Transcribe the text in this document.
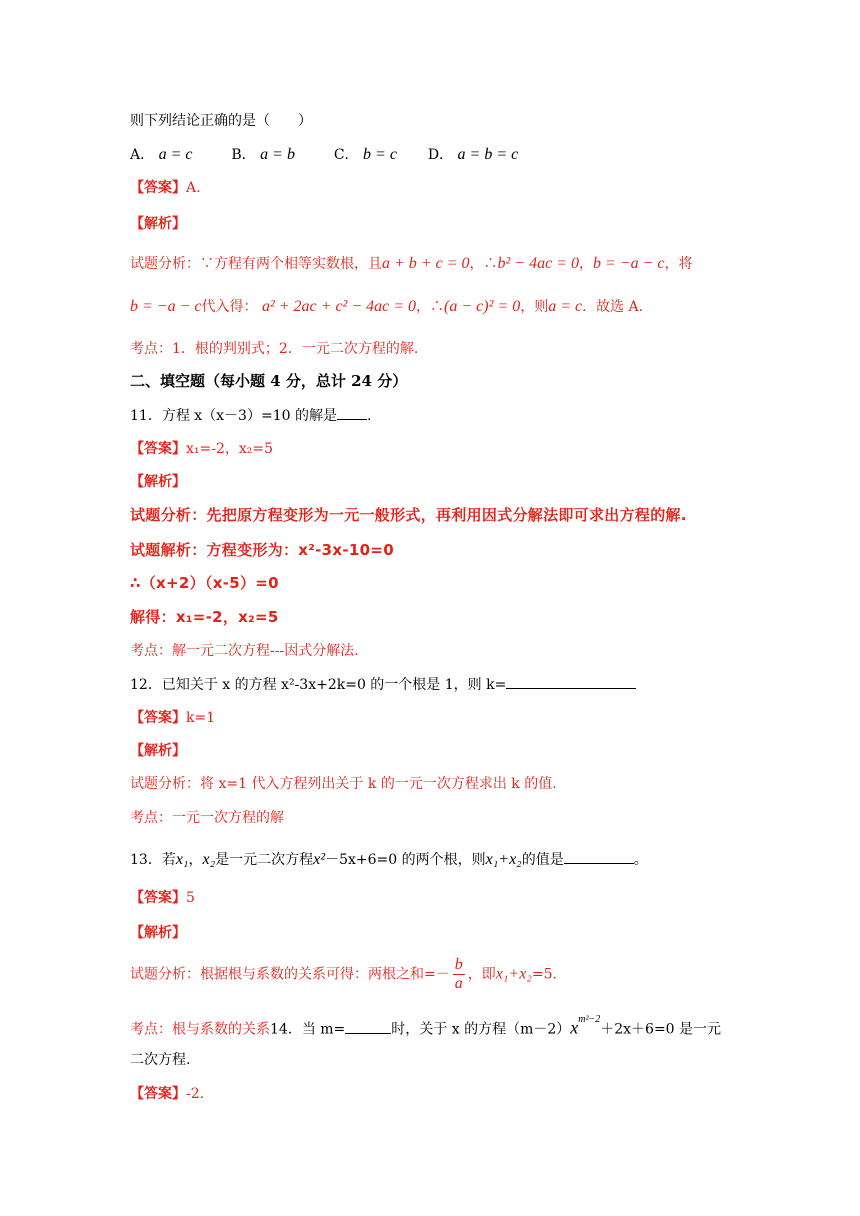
则下列结论正确的是（　　）
A． a = c	B． a = b	C． b = c D． a = b = c
【答案】A.
【解析】
试题分析：∵方程有两个相等实数根，且a + b + c = 0，∴b² − 4ac = 0，b = −a − c，将
b = −a − c代入得： a² + 2ac + c² − 4ac = 0，∴(a − c)² = 0，则a = c．故选 A.
考点：1．根的判别式；2．一元二次方程的解.
二、填空题（每小题 4 分，总计 24 分）
11．方程 x（x－3）=10 的解是 .
【答案】x₁=-2，x₂=5
【解析】
试题分析：先把原方程变形为一元一般形式，再利用因式分解法即可求出方程的解.
试题解析：方程变形为：x²-3x-10=0
∴（x+2）（x-5）=0
解得：x₁=-2，x₂=5
考点：解一元二次方程---因式分解法.
12．已知关于 x 的方程 x²-3x+2k=0 的一个根是 1，则 k=
【答案】k=1
【解析】
试题分析：将 x=1 代入方程列出关于 k 的一元一次方程求出 k 的值.
考点：一元一次方程的解
13．若x₁，x₂是一元二次方程x²－5x+6=0 的两个根，则x₁+x₂的值是	。
【答案】5
【解析】
试题分析：根据根与系数的关系可得：两根之和=－ $\frac{b}{a}$ ，即x₁+x₂=5.
考点：根与系数的关系14．当 m=	时，关于 x 的方程$(m-2)x^{m^2-2}+2x+6=0$ 是一元
二次方程.
【答案】-2.
